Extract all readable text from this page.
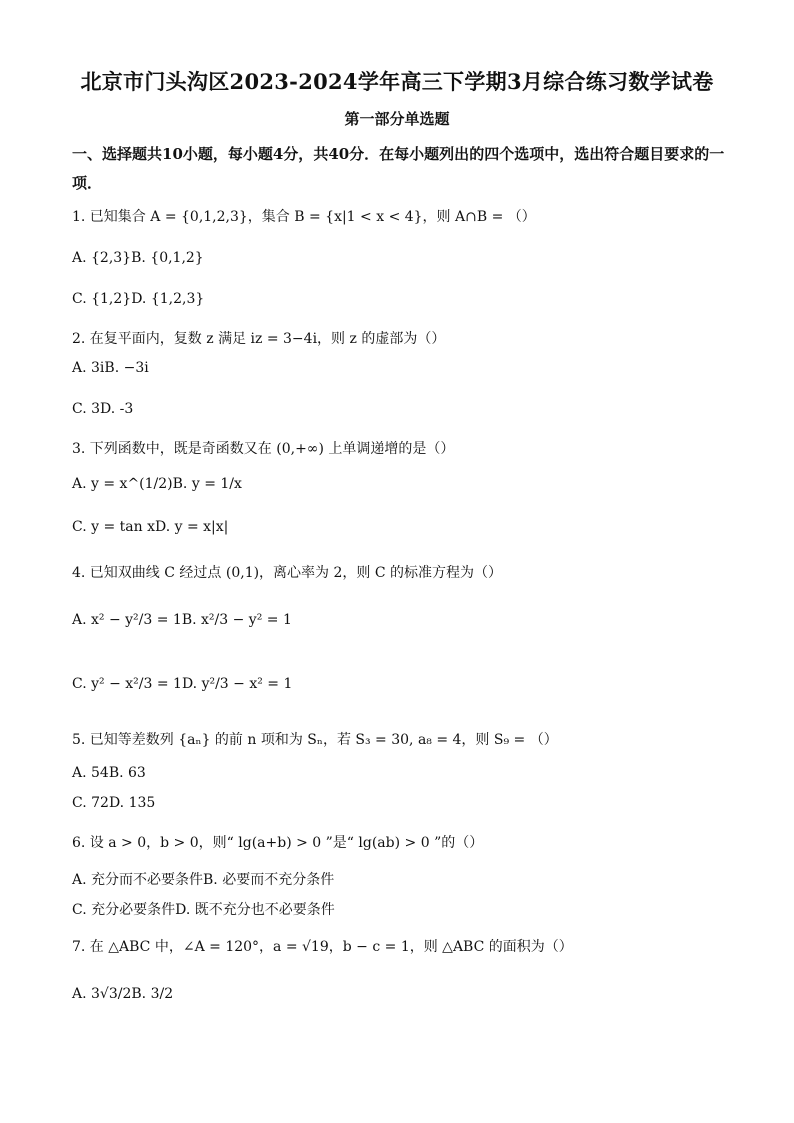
北京市门头沟区2023-2024学年高三下学期3月综合练习数学试卷
第一部分单选题
一、选择题共10小题，每小题4分，共40分．在每小题列出的四个选项中，选出符合题目要求的一项．
1. 已知集合 A = {0,1,2,3}，集合 B = {x|1 < x < 4}，则 A∩B = （）
A. {2,3}B. {0,1,2}
C. {1,2}D. {1,2,3}
2. 在复平面内，复数 z 满足 iz = 3−4i，则 z 的虚部为（）
A. 3iB. −3i
C. 3D. -3
3. 下列函数中，既是奇函数又在 (0,+∞) 上单调递增的是（）
A. y = x^(1/2)B. y = 1/x
C. y = tan xD. y = x|x|
4. 已知双曲线 C 经过点 (0,1)，离心率为 2，则 C 的标准方程为（）
A. x² − y²/3 = 1B. x²/3 − y² = 1
C. y² − x²/3 = 1D. y²/3 − x² = 1
5. 已知等差数列 {aₙ} 的前 n 项和为 Sₙ，若 S₃ = 30, a₈ = 4，则 S₉ = （）
A. 54B. 63
C. 72D. 135
6. 设 a > 0，b > 0，则“ lg(a+b) > 0 ”是“ lg(ab) > 0 ”的（）
A. 充分而不必要条件B. 必要而不充分条件
C. 充分必要条件D. 既不充分也不必要条件
7. 在 △ABC 中，∠A = 120°，a = √19，b − c = 1，则 △ABC 的面积为（）
A. 3√3/2B. 3/2
